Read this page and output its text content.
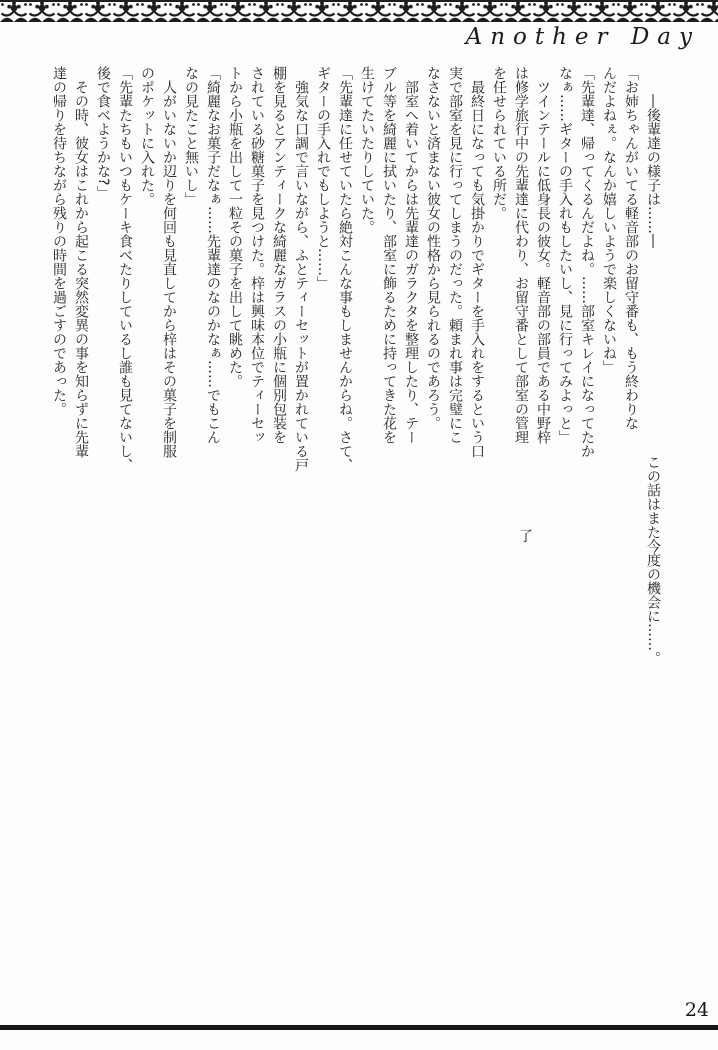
Another Day
　　―後輩達の様子は……―
「お姉ちゃんがいてる軽音部のお留守番も、もう終わりな
んだよねぇ。なんか嬉しいようで楽しくないね」
「先輩達、帰ってくるんだよね。……部室キレイになってたか
なぁ……ギターの手入れもしたいし、見に行ってみよっと」
　ツインテールに低身長の彼女。軽音部の部員である中野梓
は修学旅行中の先輩達に代わり、お留守番として部室の管理
を任せられている所だ。
　最終日になっても気掛かりでギターを手入れをするという口
実で部室を見に行ってしまうのだった。頼まれ事は完璧にこ
なさないと済まない彼女の性格から見られるのであろう。
　部室へ着いてからは先輩達のガラクタを整理したり、テー
ブル等を綺麗に拭いたり、部室に飾るために持ってきた花を
生けてたいたりしていた。
「先輩達に任せていたら絶対こんな事もしませんからね。さて、
ギターの手入れでもしようと……」
　強気な口調で言いながら、ふとティーセットが置かれている戸
棚を見るとアンティークな綺麗なガラスの小瓶に個別包装を
されている砂糖菓子を見つけた。梓は興味本位でティーセッ
トから小瓶を出して一粒その菓子を出して眺めた。
「綺麗なお菓子だなぁ……先輩達のなのかなぁ……でもこん
なの見たこと無いし」
　人がいないか辺りを何回も見直してから梓はその菓子を制服
のポケットに入れた。
「先輩たちもいつもケーキ食べたりしているし誰も見てないし、
後で食べようかな?」
　その時、彼女はこれから起こる突然変異の事を知らずに先輩
達の帰りを待ちながら残りの時間を過ごすのであった。
了	この話はまた今度の機会に……。
24
